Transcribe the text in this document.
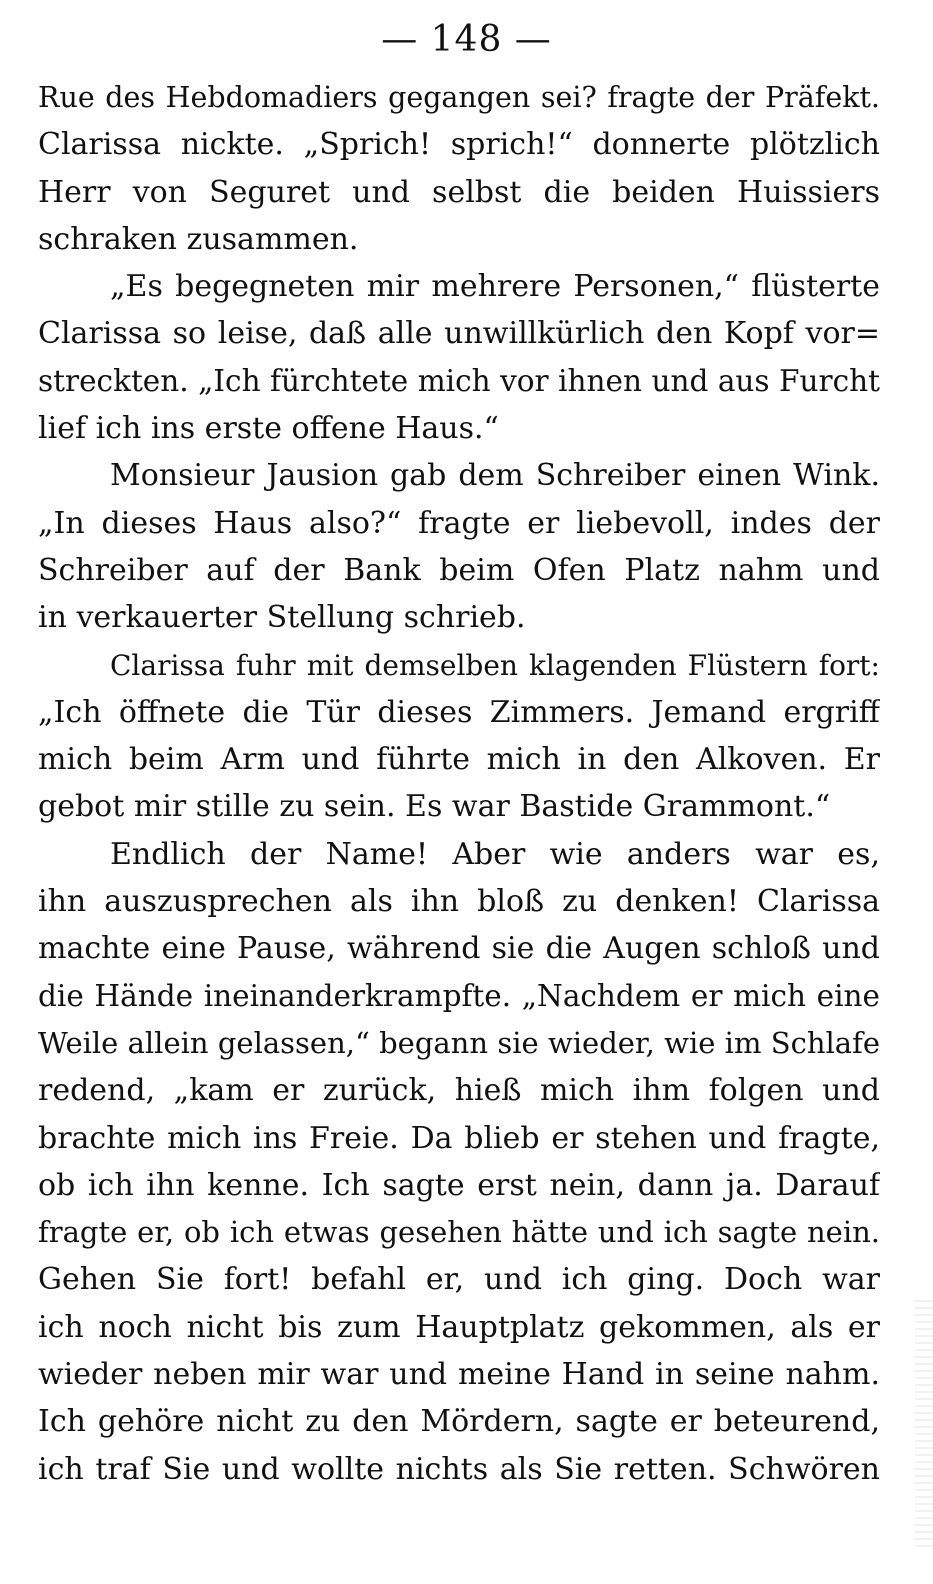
— 148 —
Rue des Hebdomadiers gegangen sei? fragte der Präfekt.
Clarissa nickte. „Sprich! sprich!“ donnerte plötzlich
Herr von Seguret und selbst die beiden Huissiers
schraken zusammen.
„Es begegneten mir mehrere Personen,“ flüsterte
Clarissa so leise, daß alle unwillkürlich den Kopf vor=
streckten. „Ich fürchtete mich vor ihnen und aus Furcht
lief ich ins erste offene Haus.“
Monsieur Jausion gab dem Schreiber einen Wink.
„In dieses Haus also?“ fragte er liebevoll, indes der
Schreiber auf der Bank beim Ofen Platz nahm und
in verkauerter Stellung schrieb.
Clarissa fuhr mit demselben klagenden Flüstern fort:
„Ich öffnete die Tür dieses Zimmers. Jemand ergriff
mich beim Arm und führte mich in den Alkoven. Er
gebot mir stille zu sein. Es war Bastide Grammont.“
Endlich der Name! Aber wie anders war es,
ihn auszusprechen als ihn bloß zu denken! Clarissa
machte eine Pause, während sie die Augen schloß und
die Hände ineinanderkrampfte. „Nachdem er mich eine
Weile allein gelassen,“ begann sie wieder, wie im Schlafe
redend, „kam er zurück, hieß mich ihm folgen und
brachte mich ins Freie. Da blieb er stehen und fragte,
ob ich ihn kenne. Ich sagte erst nein, dann ja. Darauf
fragte er, ob ich etwas gesehen hätte und ich sagte nein.
Gehen Sie fort! befahl er, und ich ging. Doch war
ich noch nicht bis zum Hauptplatz gekommen, als er
wieder neben mir war und meine Hand in seine nahm.
Ich gehöre nicht zu den Mördern, sagte er beteurend,
ich traf Sie und wollte nichts als Sie retten. Schwören
